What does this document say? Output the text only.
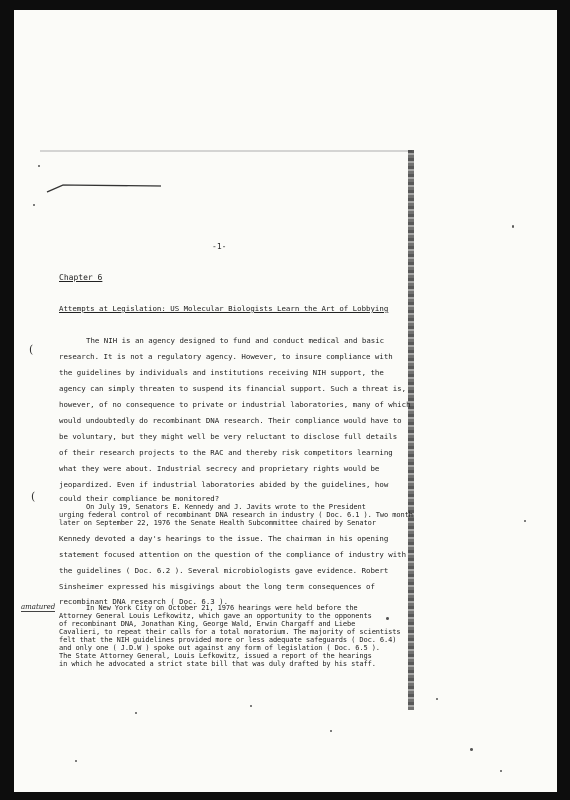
-1-
Chapter 6
Attempts at Legislation: US Molecular Biologists Learn the Art of Lobbying
(
(
The NIH is an agency designed to fund and conduct medical and basic
research. It is not a regulatory agency. However, to insure compliance with
the guidelines by individuals and institutions receiving NIH support, the
agency can simply threaten to suspend its financial support. Such a threat is,
however, of no consequence to private or industrial laboratories, many of which
would undoubtedly do recombinant DNA research. Their compliance would have to
be voluntary, but they might well be very reluctant to disclose full details
of their research projects to the RAC and thereby risk competitors learning
what they were about. Industrial secrecy and proprietary rights would be
jeopardized. Even if industrial laboratories abided by the guidelines, how
could their compliance be monitored?
On July 19, Senators E. Kennedy and J. Javits wrote to the President
urging federal control of recombinant DNA research in industry ( Doc. 6.1 ). Two month
later on September 22, 1976 the Senate Health Subcommittee chaired by Senator
Kennedy devoted a day's hearings to the issue. The chairman in his opening
statement focused attention on the question of the compliance of industry with
the guidelines ( Doc. 6.2 ). Several microbiologists gave evidence. Robert
Sinsheimer expressed his misgivings about the long term consequences of
recombinant DNA research ( Doc. 6.3 ).
amatured	In New York City on October 21, 1976 hearings were held before the
Attorney General Louis Lefkowitz, which gave an opportunity to the opponents
of recombinant DNA, Jonathan King, George Wald, Erwin Chargaff and Liebe
Cavalieri, to repeat their calls for a total moratorium. The majority of scientists
felt that the NIH guidelines provided more or less adequate safeguards ( Doc. 6.4)
and only one ( J.D.W ) spoke out against any form of legislation ( Doc. 6.5 ).
The State Attorney General, Louis Lefkowitz, issued a report of the hearings
in which he advocated a strict state bill that was duly drafted by his staff.
